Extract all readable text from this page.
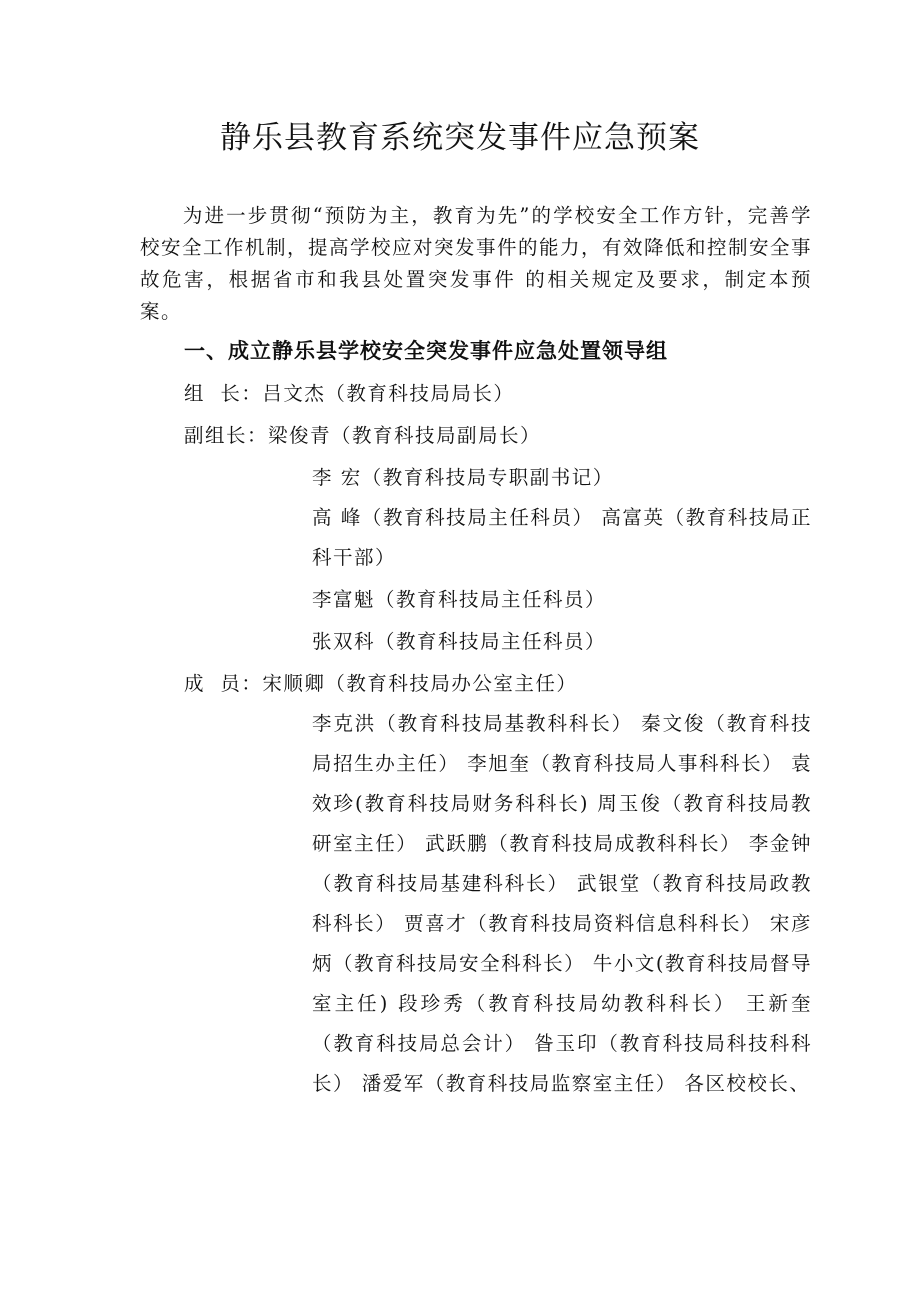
静乐县教育系统突发事件应急预案

为进一步贯彻“预防为主，教育为先”的学校安全工作方针，完善学校安全工作机制，提高学校应对突发事件的能力，有效降低和控制安全事故危害，根据省市和我县处置突发事件 的相关规定及要求，制定本预案。

一、成立静乐县学校安全突发事件应急处置领导组
组  长：吕文杰（教育科技局局长）
副组长：梁俊青（教育科技局副局长）
李 宏（教育科技局专职副书记）

高 峰（教育科技局主任科员） 高富英（教育科技局正科干部）

李富魁（教育科技局主任科员）
张双科（教育科技局主任科员）
成  员：宋顺卿（教育科技局办公室主任）

李克洪（教育科技局基教科科长） 秦文俊（教育科技局招生办主任） 李旭奎（教育科技局人事科科长） 袁效珍(教育科技局财务科科长) 周玉俊（教育科技局教研室主任） 武跃鹏（教育科技局成教科科长） 李金钟（教育科技局基建科科长） 武银堂（教育科技局政教科科长） 贾喜才（教育科技局资料信息科科长） 宋彦炳（教育科技局安全科科长） 牛小文(教育科技局督导室主任) 段珍秀（教育科技局幼教科科长） 王新奎（教育科技局总会计） 昝玉印（教育科技局科技科科长） 潘爱军（教育科技局监察室主任） 各区校校长、
